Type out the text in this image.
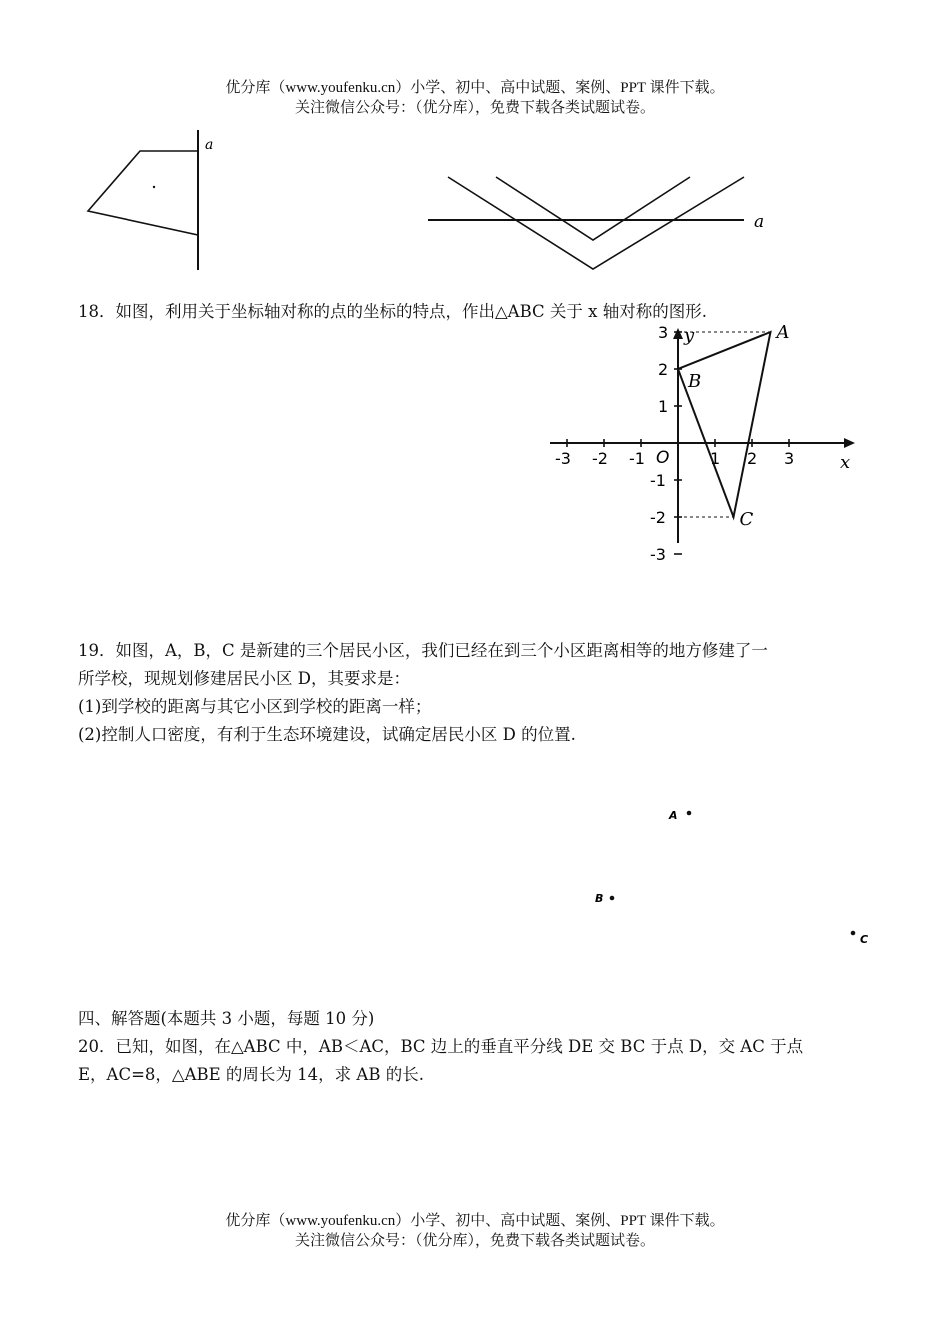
优分库（www.youfenku.cn）小学、初中、高中试题、案例、PPT 课件下载。
关注微信公众号：（优分库），免费下载各类试题试卷。
a
a
18．如图，利用关于坐标轴对称的点的坐标的特点，作出△ABC 关于 x 轴对称的图形.
x
y
O
-3 -2 -1	1 2 3
3
2
1
-1
-2
-3
A
B
C
19．如图，A，B，C 是新建的三个居民小区，我们已经在到三个小区距离相等的地方修建了一
所学校，现规划修建居民小区 D，其要求是：
(1)到学校的距离与其它小区到学校的距离一样；
(2)控制人口密度，有利于生态环境建设，试确定居民小区 D 的位置.
A
B
C
四、解答题(本题共 3 小题，每题 10 分)
20．已知，如图，在△ABC 中，AB＜AC，BC 边上的垂直平分线 DE 交 BC 于点 D，交 AC 于点
E，AC=8，△ABE 的周长为 14，求 AB 的长.
优分库（www.youfenku.cn）小学、初中、高中试题、案例、PPT 课件下载。
关注微信公众号：（优分库），免费下载各类试题试卷。
